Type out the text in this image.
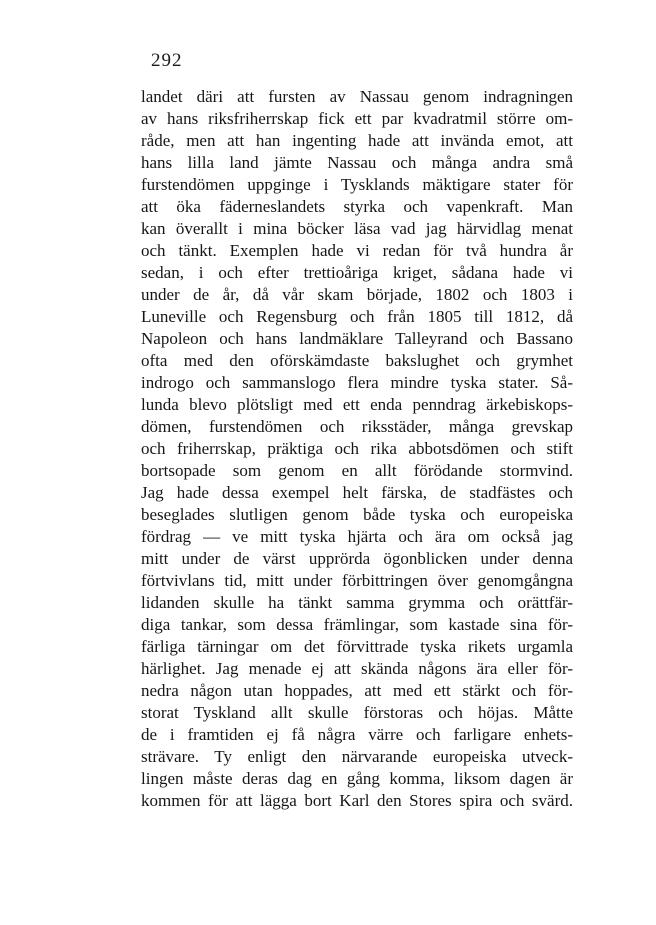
292
landet däri att fursten av Nassau genom indragningen
av hans riksfriherrskap fick ett par kvadratmil större om-
råde, men att han ingenting hade att invända emot, att
hans lilla land jämte Nassau och många andra små
furstendömen uppginge i Tysklands mäktigare stater för
att öka fäderneslandets styrka och vapenkraft. Man
kan överallt i mina böcker läsa vad jag härvidlag menat
och tänkt. Exemplen hade vi redan för två hundra år
sedan, i och efter trettioåriga kriget, sådana hade vi
under de år, då vår skam började, 1802 och 1803 i
Luneville och Regensburg och från 1805 till 1812, då
Napoleon och hans landmäklare Talleyrand och Bassano
ofta med den oförskämdaste bakslughet och grymhet
indrogo och sammanslogo flera mindre tyska stater. Så-
lunda blevo plötsligt med ett enda penndrag ärkebiskops-
dömen, furstendömen och riksstäder, många grevskap
och friherrskap, präktiga och rika abbotsdömen och stift
bortsopade som genom en allt förödande stormvind.
Jag hade dessa exempel helt färska, de stadfästes och
beseglades slutligen genom både tyska och europeiska
fördrag — ve mitt tyska hjärta och ära om också jag
mitt under de värst upprörda ögonblicken under denna
förtvivlans tid, mitt under förbittringen över genomgångna
lidanden skulle ha tänkt samma grymma och orättfär-
diga tankar, som dessa främlingar, som kastade sina för-
färliga tärningar om det förvittrade tyska rikets urgamla
härlighet. Jag menade ej att skända någons ära eller för-
nedra någon utan hoppades, att med ett stärkt och för-
storat Tyskland allt skulle förstoras och höjas. Måtte
de i framtiden ej få några värre och farligare enhets-
strävare. Ty enligt den närvarande europeiska utveck-
lingen måste deras dag en gång komma, liksom dagen är
kommen för att lägga bort Karl den Stores spira och svärd.
